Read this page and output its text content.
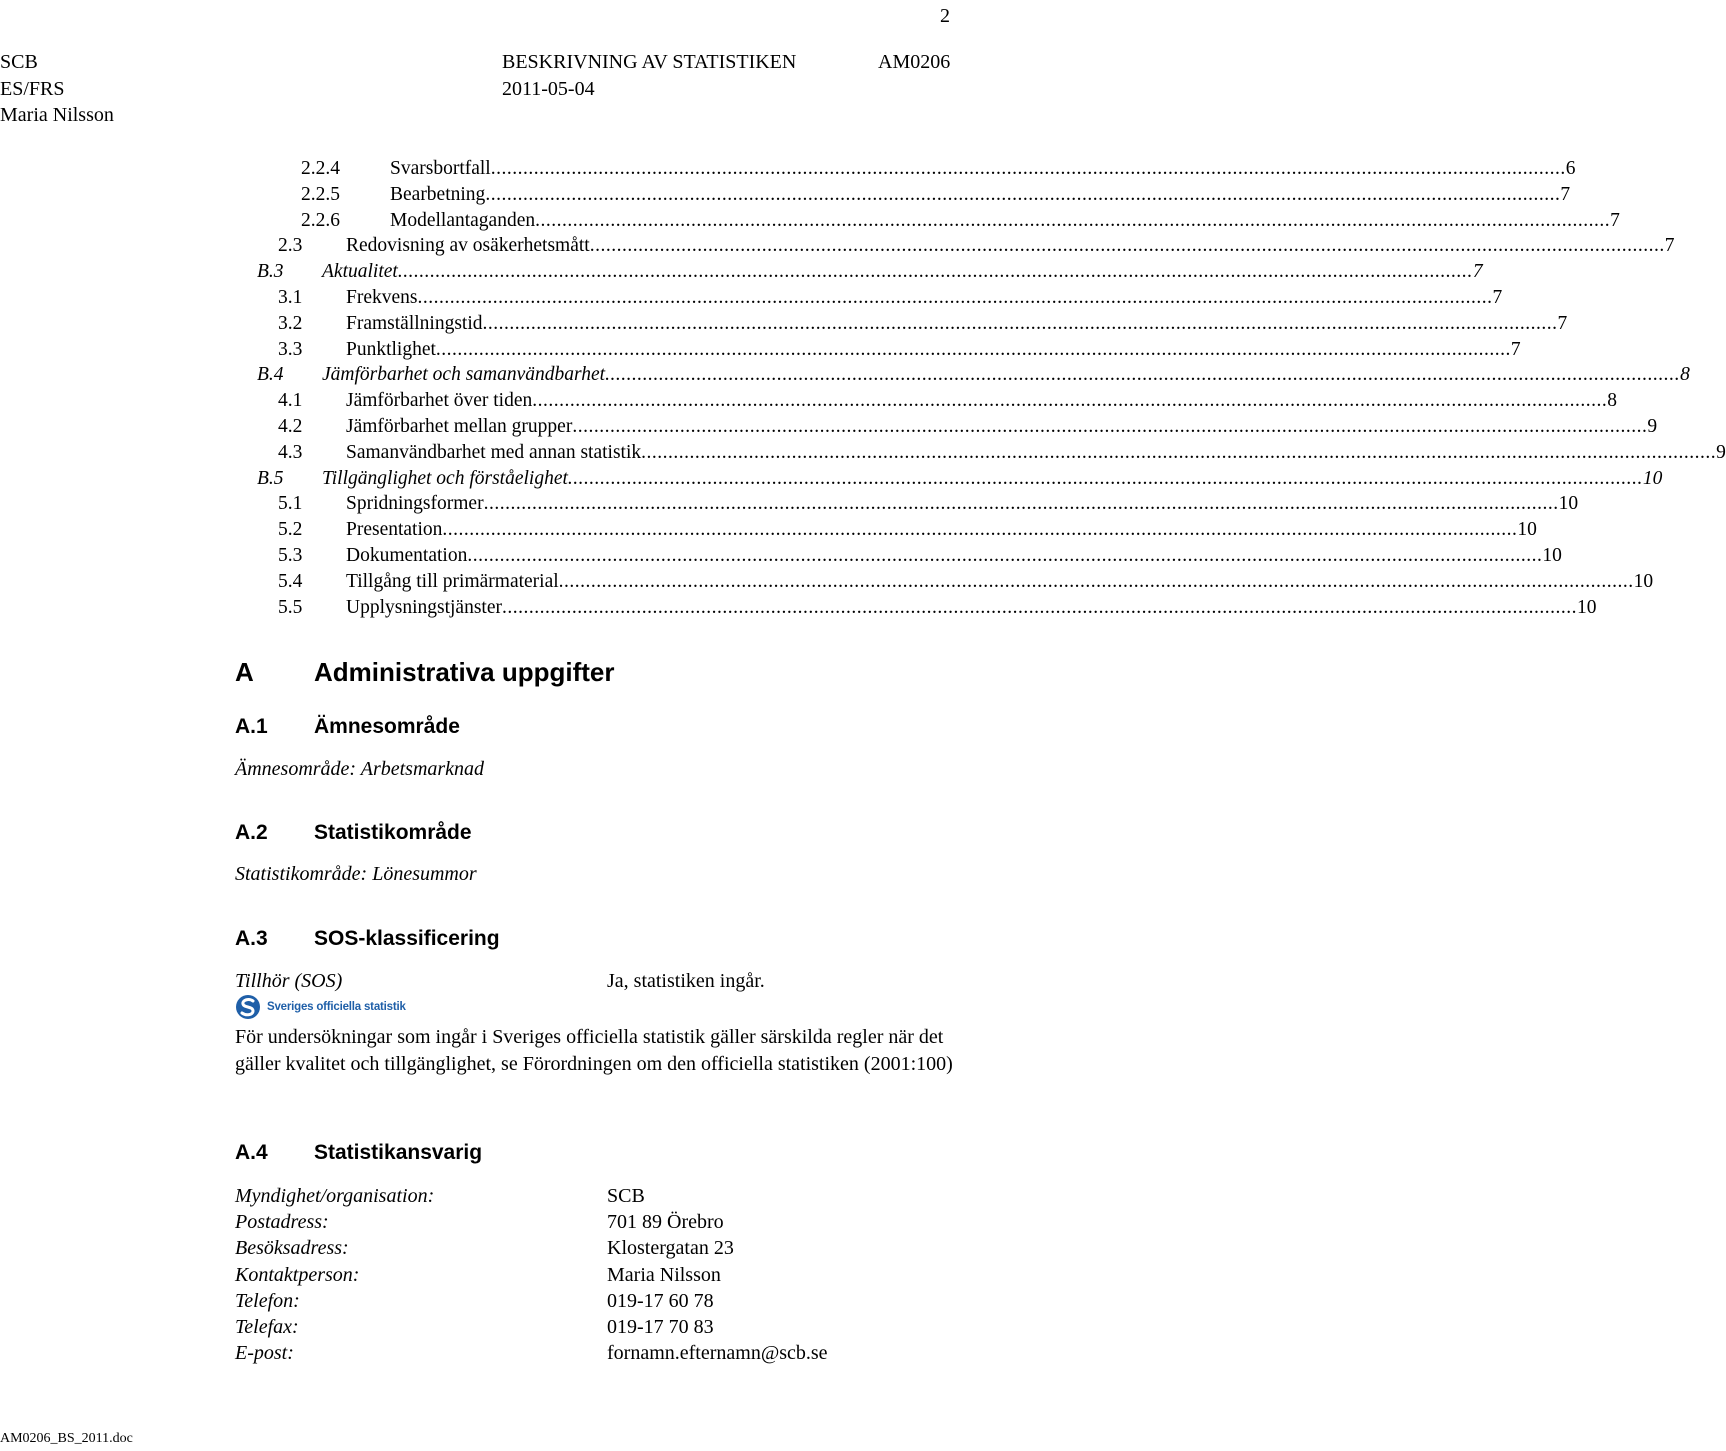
2
SCB
ES/FRS
Maria Nilsson
BESKRIVNING AV STATISTIKEN
2011-05-04
AM0206
2.2.4	Svarsbortfall ........................................................................................................................................................................................................ 6
2.2.5	Bearbetning ........................................................................................................................................................................................................ 7
2.2.6	Modellantaganden ........................................................................................................................................................................................................ 7
2.3 Redovisning av osäkerhetsmått ........................................................................................................................................................................................................ 7
B.3 Aktualitet ........................................................................................................................................................................................................ 7
3.1 Frekvens ........................................................................................................................................................................................................ 7
3.2 Framställningstid ........................................................................................................................................................................................................ 7
3.3 Punktlighet ........................................................................................................................................................................................................ 7
B.4 Jämförbarhet och samanvändbarhet ........................................................................................................................................................................................................ 8
4.1 Jämförbarhet över tiden ........................................................................................................................................................................................................ 8
4.2 Jämförbarhet mellan grupper ........................................................................................................................................................................................................ 9
4.3 Samanvändbarhet med annan statistik ........................................................................................................................................................................................................ 9
B.5 Tillgänglighet och förståelighet ........................................................................................................................................................................................................ 10
5.1 Spridningsformer ........................................................................................................................................................................................................ 10
5.2 Presentation ........................................................................................................................................................................................................ 10
5.3 Dokumentation ........................................................................................................................................................................................................ 10
5.4 Tillgång till primärmaterial ........................................................................................................................................................................................................ 10
5.5 Upplysningstjänster ........................................................................................................................................................................................................ 10
A Administrativa uppgifter
A.1 Ämnesområde
Ämnesområde: Arbetsmarknad
A.2 Statistikområde
Statistikområde: Lönesummor
A.3 SOS-klassificering
Tillhör (SOS)	Ja, statistiken ingår.
Sveriges officiella statistik
För undersökningar som ingår i Sveriges officiella statistik gäller särskilda regler när det gäller kvalitet och tillgänglighet, se Förordningen om den officiella statistiken (2001:100)
A.4 Statistikansvarig
Myndighet/organisation:	SCB
Postadress:	701 89 Örebro
Besöksadress:	Klostergatan 23
Kontaktperson:	Maria Nilsson
Telefon:	019-17 60 78
Telefax:	019-17 70 83
E-post:	fornamn.efternamn@scb.se
AM0206_BS_2011.doc
